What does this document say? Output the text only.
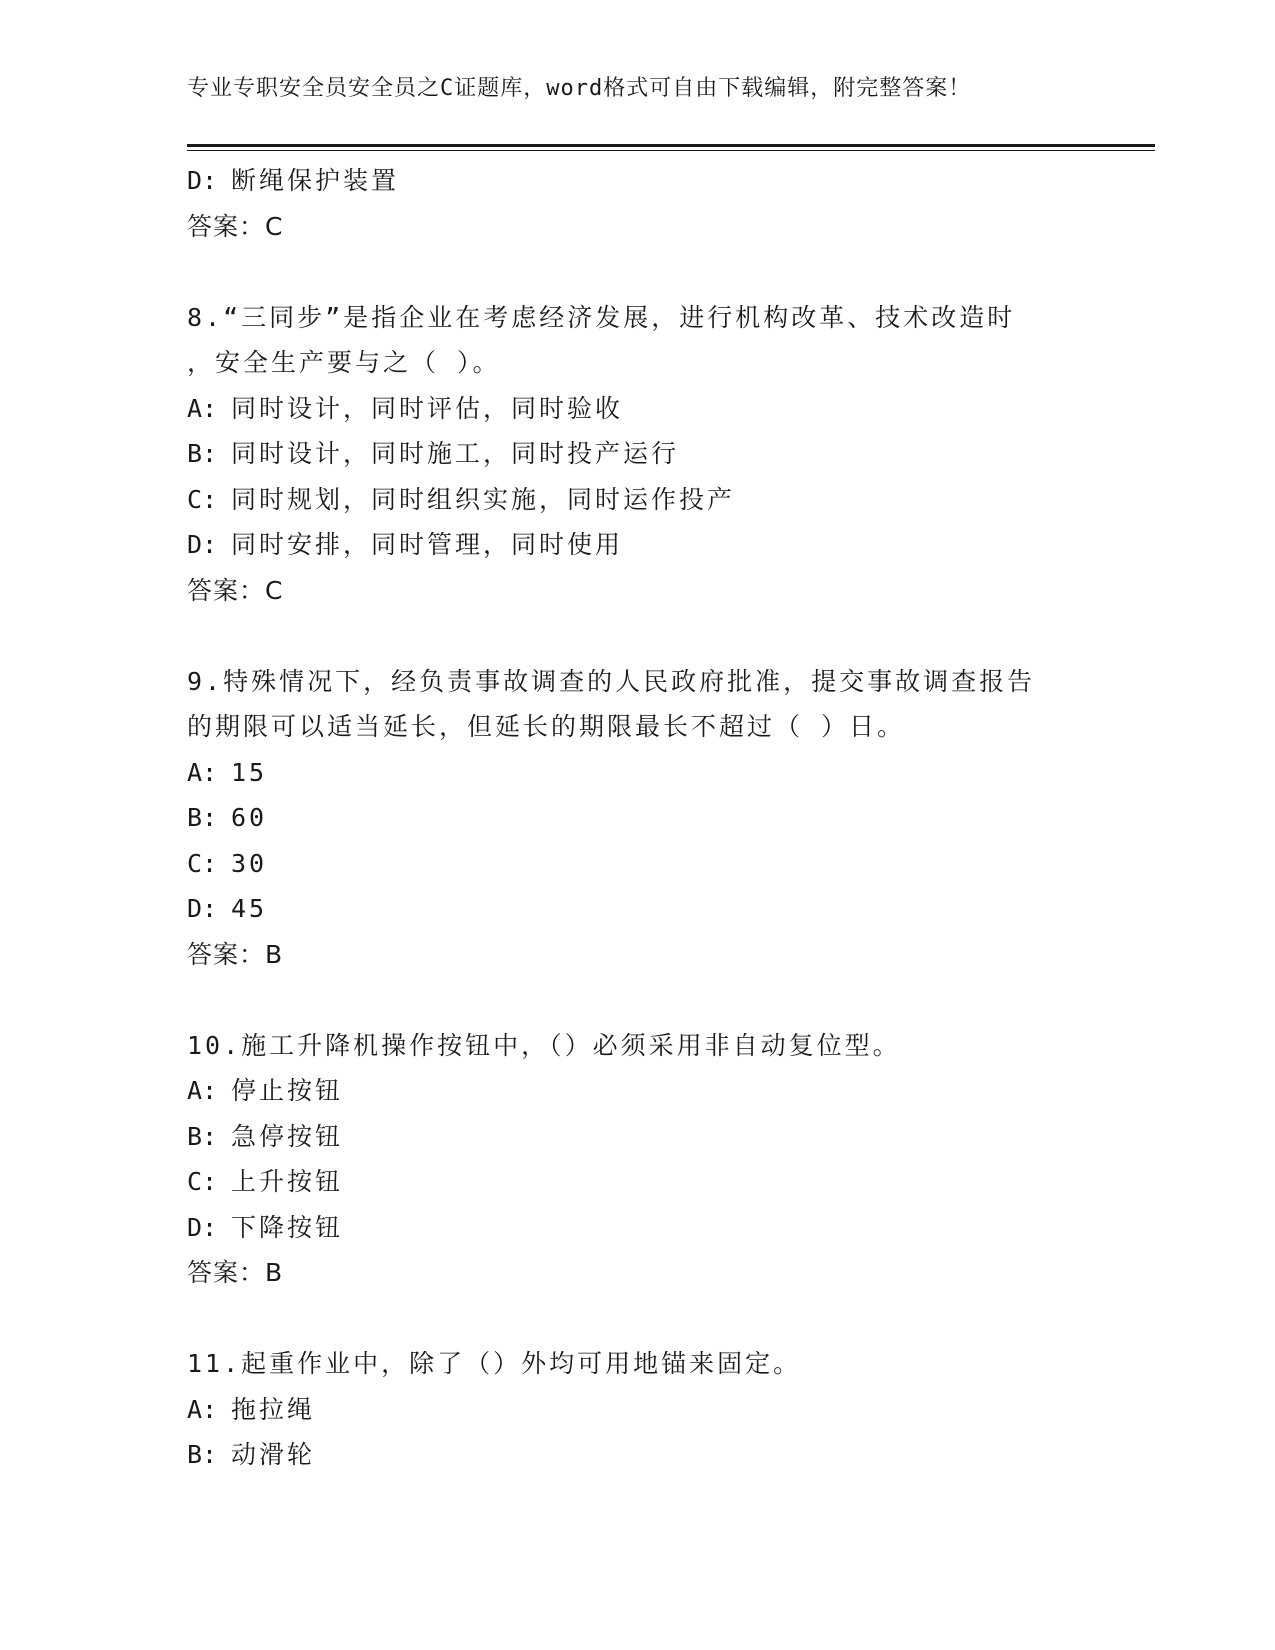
专业专职安全员安全员之C证题库，word格式可自由下载编辑，附完整答案！
D: 断绳保护装置
答案：C
8.“三同步”是指企业在考虑经济发展，进行机构改革、技术改造时
，安全生产要与之（ ）。
A: 同时设计，同时评估，同时验收
B: 同时设计，同时施工，同时投产运行
C: 同时规划，同时组织实施，同时运作投产
D: 同时安排，同时管理，同时使用
答案：C
9.特殊情况下，经负责事故调查的人民政府批准，提交事故调查报告
的期限可以适当延长，但延长的期限最长不超过（ ）日。
A: 15
B: 60
C: 30
D: 45
答案：B
10.施工升降机操作按钮中，（）必须采用非自动复位型。
A: 停止按钮
B: 急停按钮
C: 上升按钮
D: 下降按钮
答案：B
11.起重作业中，除了（）外均可用地锚来固定。
A: 拖拉绳
B: 动滑轮
